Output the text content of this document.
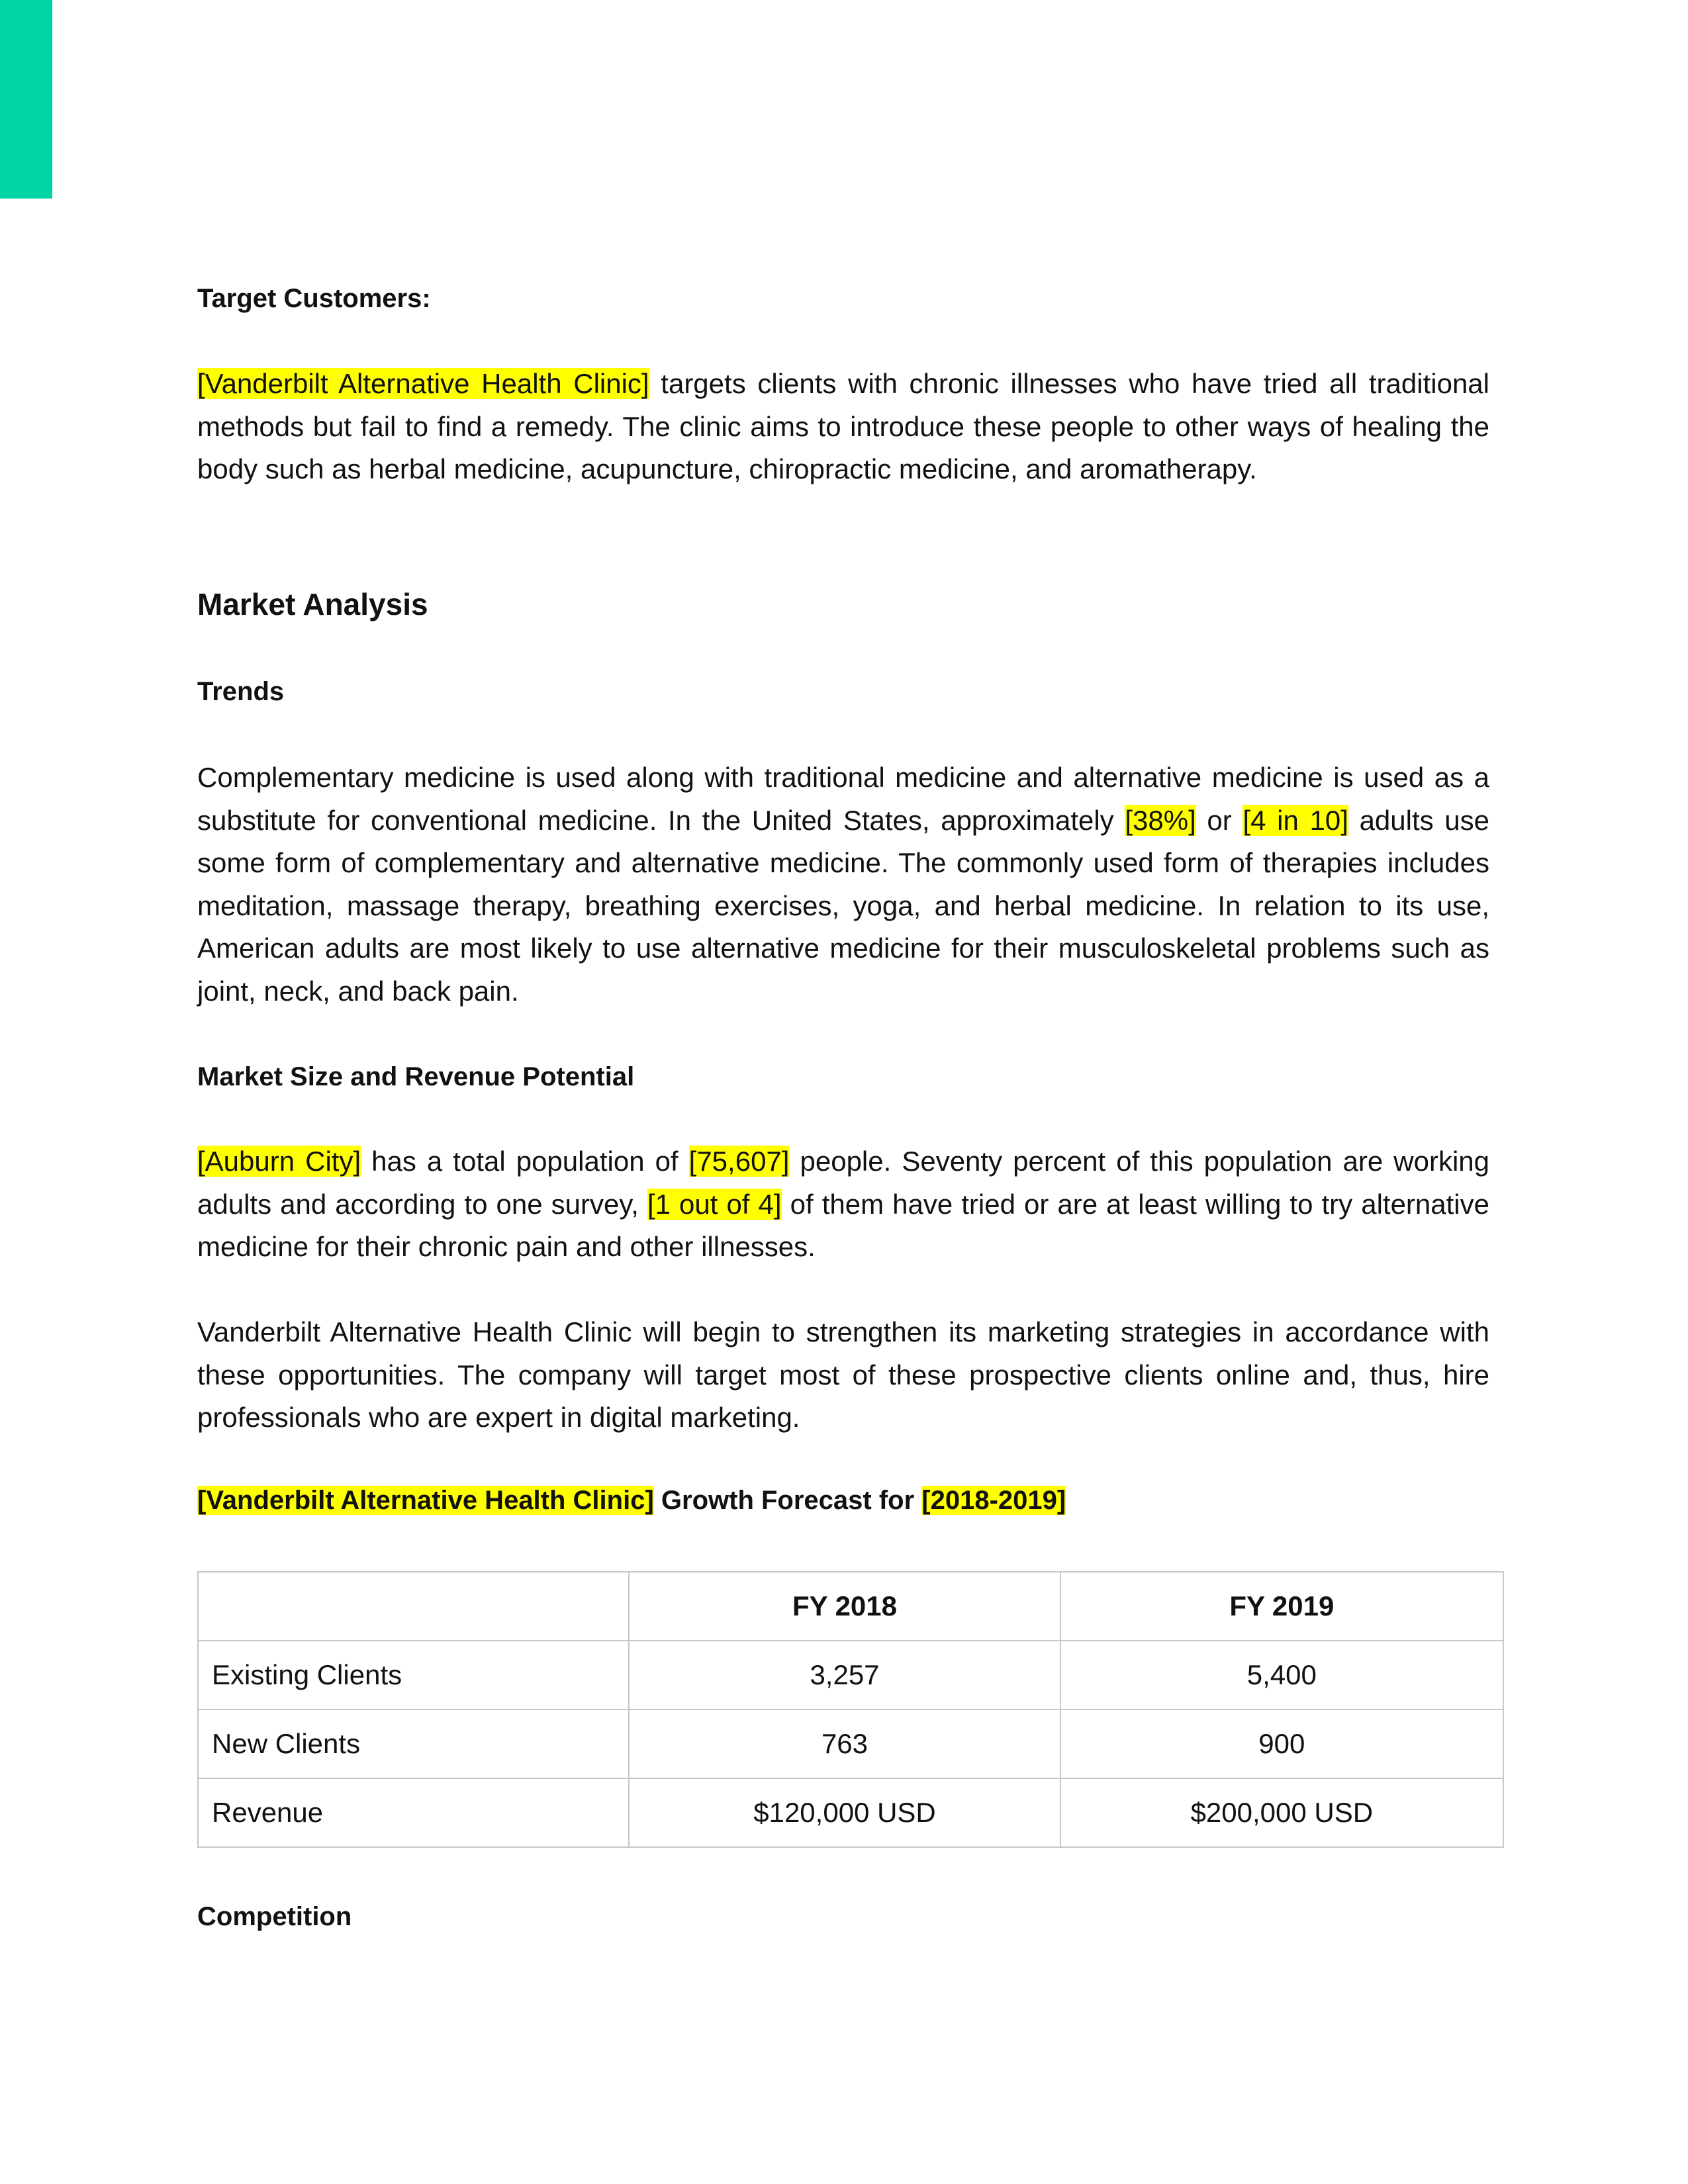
Target Customers:

[Vanderbilt Alternative Health Clinic] targets clients with chronic illnesses who have tried all traditional methods but fail to find a remedy. The clinic aims to introduce these people to other ways of healing the body such as herbal medicine, acupuncture, chiropractic medicine, and aromatherapy.

Market Analysis

Trends

Complementary medicine is used along with traditional medicine and alternative medicine is used as a substitute for conventional medicine. In the United States, approximately [38%] or [4 in 10] adults use some form of complementary and alternative medicine. The commonly used form of therapies includes meditation, massage therapy, breathing exercises, yoga, and herbal medicine. In relation to its use, American adults are most likely to use alternative medicine for their musculoskeletal problems such as joint, neck, and back pain.

Market Size and Revenue Potential

[Auburn City] has a total population of [75,607] people. Seventy percent of this population are working adults and according to one survey, [1 out of 4] of them have tried or are at least willing to try alternative medicine for their chronic pain and other illnesses.

Vanderbilt Alternative Health Clinic will begin to strengthen its marketing strategies in accordance with these opportunities. The company will target most of these prospective clients online and, thus, hire professionals who are expert in digital marketing.

[Vanderbilt Alternative Health Clinic] Growth Forecast for [2018-2019]

	FY 2018	FY 2019
Existing Clients	3,257	5,400
New Clients	763	900
Revenue	$120,000 USD	$200,000 USD

Competition
